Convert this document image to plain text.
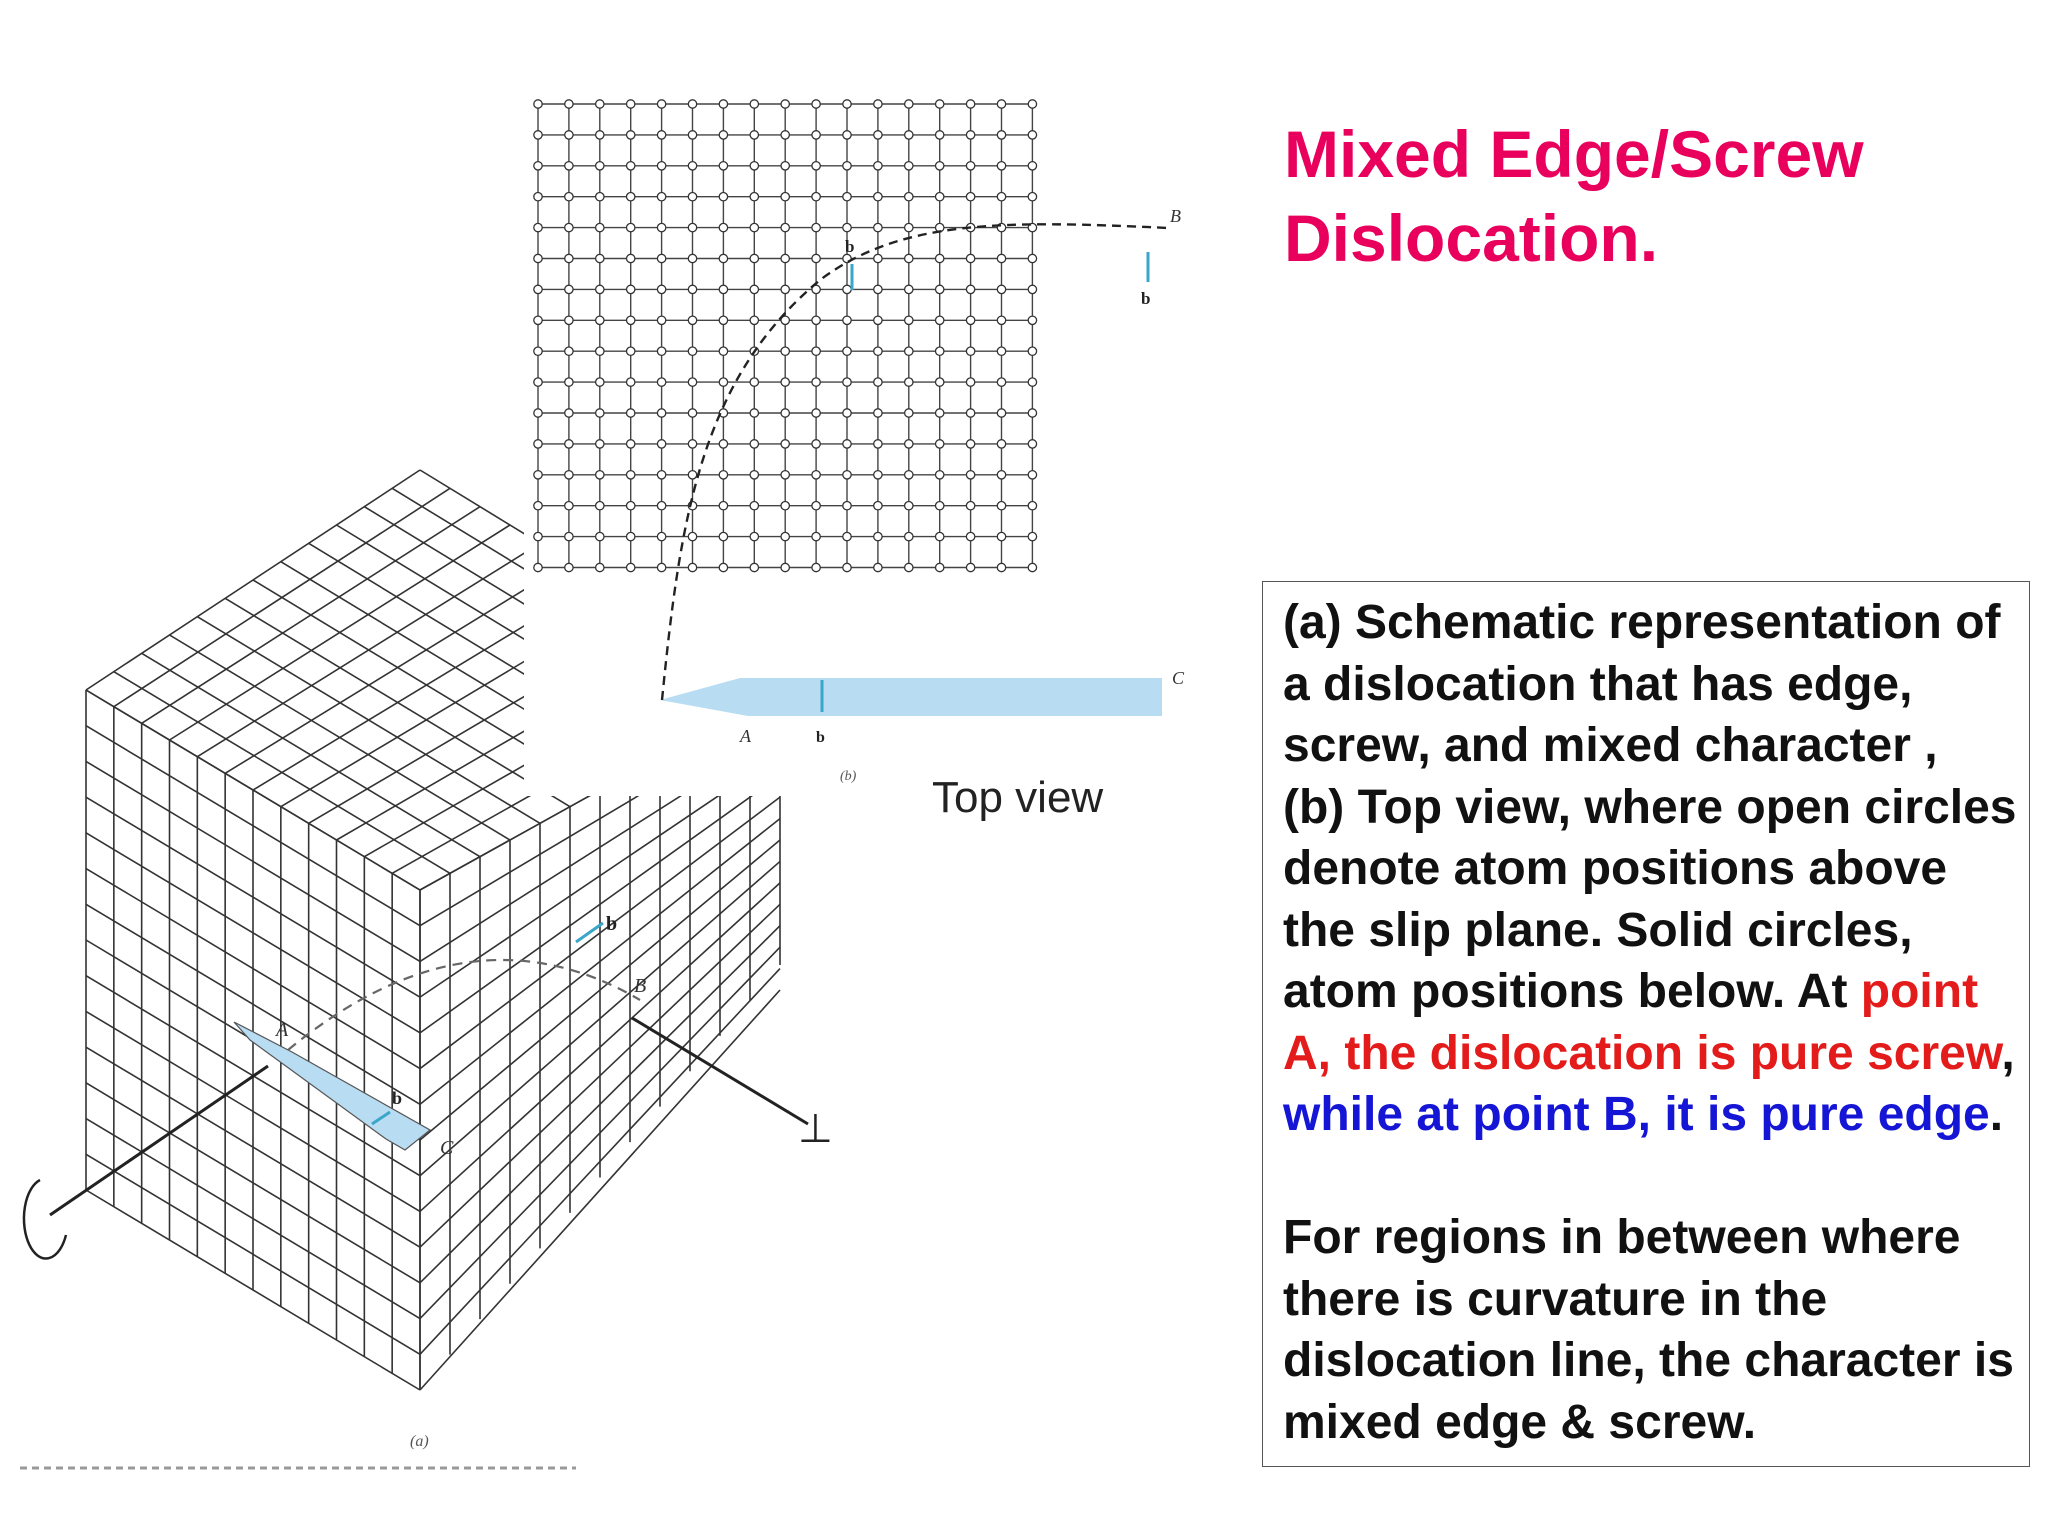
Mixed Edge/Screw
Dislocation.
⊥
b
b
A
B
C
(a)
b
b
b
A
B
C
(b) Top view

(a) Schematic representation of a dislocation that has edge, screw, and mixed character ,

(b) Top view, where open circles denote atom positions above the slip plane. Solid circles, atom positions below. At point A, the dislocation is pure screw, while at point B, it is pure edge.

For regions in between where there is curvature in the dislocation line, the character is mixed edge & screw.
